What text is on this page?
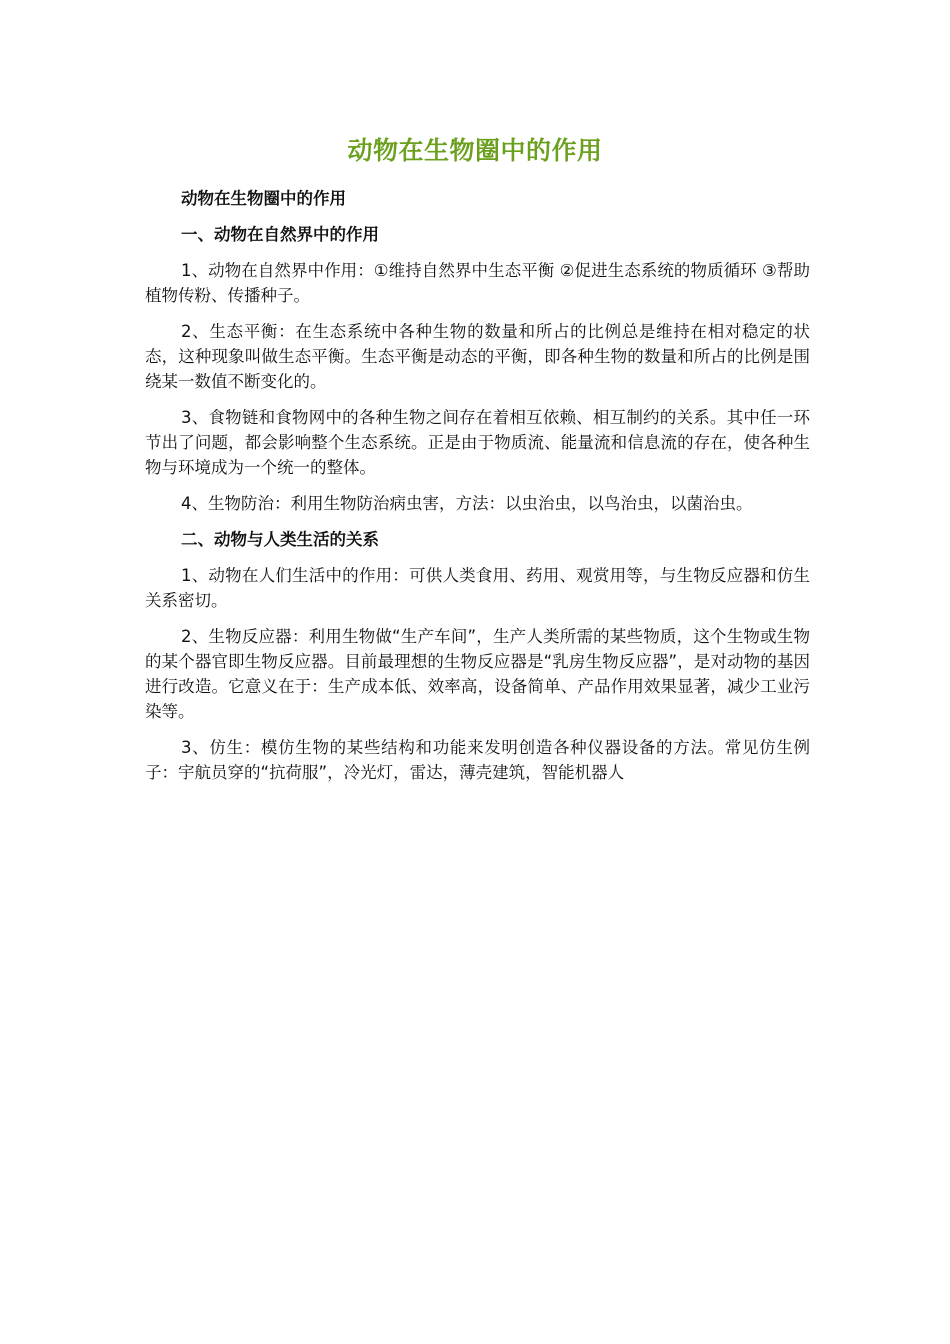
动物在生物圈中的作用
动物在生物圈中的作用
一、动物在自然界中的作用

1、动物在自然界中作用：①维持自然界中生态平衡 ②促进生态系统的物质循环 ③帮助植物传粉、传播种子。

2、生态平衡：在生态系统中各种生物的数量和所占的比例总是维持在相对稳定的状态，这种现象叫做生态平衡。生态平衡是动态的平衡，即各种生物的数量和所占的比例是围绕某一数值不断变化的。

3、食物链和食物网中的各种生物之间存在着相互依赖、相互制约的关系。其中任一环节出了问题，都会影响整个生态系统。正是由于物质流、能量流和信息流的存在，使各种生物与环境成为一个统一的整体。

4、生物防治：利用生物防治病虫害，方法：以虫治虫，以鸟治虫，以菌治虫。

二、动物与人类生活的关系

1、动物在人们生活中的作用：可供人类食用、药用、观赏用等，与生物反应器和仿生关系密切。

2、生物反应器：利用生物做“生产车间”，生产人类所需的某些物质，这个生物或生物的某个器官即生物反应器。目前最理想的生物反应器是“乳房生物反应器”，是对动物的基因进行改造。它意义在于：生产成本低、效率高，设备简单、产品作用效果显著，减少工业污染等。

3、仿生：模仿生物的某些结构和功能来发明创造各种仪器设备的方法。常见仿生例子：宇航员穿的“抗荷服”，冷光灯，雷达，薄壳建筑，智能机器人
